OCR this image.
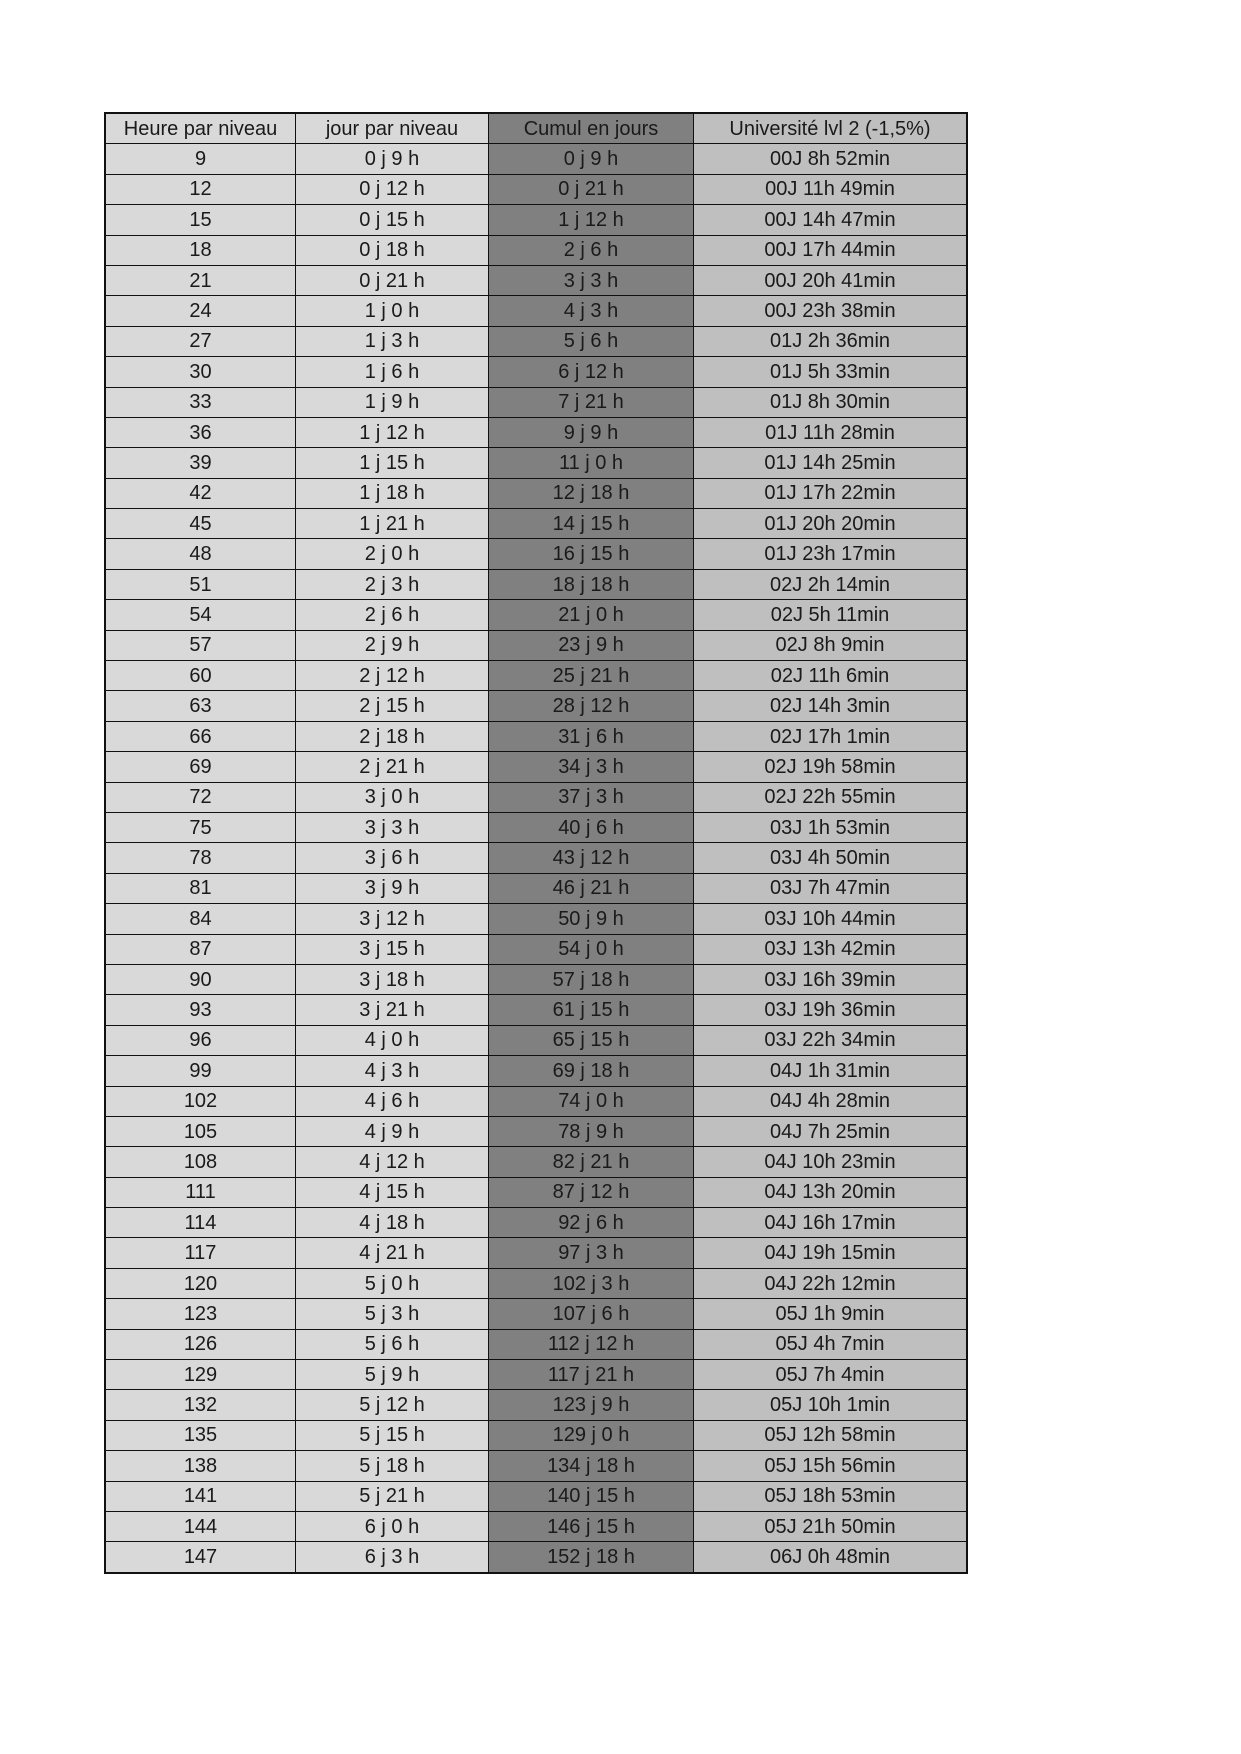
Heure par niveau	jour par niveau	Cumul en jours	Université lvl 2 (-1,5%)
9	0 j 9 h	0 j 9 h	00J 8h 52min
12	0 j 12 h	0 j 21 h	00J 11h 49min
15	0 j 15 h	1 j 12 h	00J 14h 47min
18	0 j 18 h	2 j 6 h	00J 17h 44min
21	0 j 21 h	3 j 3 h	00J 20h 41min
24	1 j 0 h	4 j 3 h	00J 23h 38min
27	1 j 3 h	5 j 6 h	01J 2h 36min
30	1 j 6 h	6 j 12 h	01J 5h 33min
33	1 j 9 h	7 j 21 h	01J 8h 30min
36	1 j 12 h	9 j 9 h	01J 11h 28min
39	1 j 15 h	11 j 0 h	01J 14h 25min
42	1 j 18 h	12 j 18 h	01J 17h 22min
45	1 j 21 h	14 j 15 h	01J 20h 20min
48	2 j 0 h	16 j 15 h	01J 23h 17min
51	2 j 3 h	18 j 18 h	02J 2h 14min
54	2 j 6 h	21 j 0 h	02J 5h 11min
57	2 j 9 h	23 j 9 h	02J 8h 9min
60	2 j 12 h	25 j 21 h	02J 11h 6min
63	2 j 15 h	28 j 12 h	02J 14h 3min
66	2 j 18 h	31 j 6 h	02J 17h 1min
69	2 j 21 h	34 j 3 h	02J 19h 58min
72	3 j 0 h	37 j 3 h	02J 22h 55min
75	3 j 3 h	40 j 6 h	03J 1h 53min
78	3 j 6 h	43 j 12 h	03J 4h 50min
81	3 j 9 h	46 j 21 h	03J 7h 47min
84	3 j 12 h	50 j 9 h	03J 10h 44min
87	3 j 15 h	54 j 0 h	03J 13h 42min
90	3 j 18 h	57 j 18 h	03J 16h 39min
93	3 j 21 h	61 j 15 h	03J 19h 36min
96	4 j 0 h	65 j 15 h	03J 22h 34min
99	4 j 3 h	69 j 18 h	04J 1h 31min
102	4 j 6 h	74 j 0 h	04J 4h 28min
105	4 j 9 h	78 j 9 h	04J 7h 25min
108	4 j 12 h	82 j 21 h	04J 10h 23min
111	4 j 15 h	87 j 12 h	04J 13h 20min
114	4 j 18 h	92 j 6 h	04J 16h 17min
117	4 j 21 h	97 j 3 h	04J 19h 15min
120	5 j 0 h	102 j 3 h	04J 22h 12min
123	5 j 3 h	107 j 6 h	05J 1h 9min
126	5 j 6 h	112 j 12 h	05J 4h 7min
129	5 j 9 h	117 j 21 h	05J 7h 4min
132	5 j 12 h	123 j 9 h	05J 10h 1min
135	5 j 15 h	129 j 0 h	05J 12h 58min
138	5 j 18 h	134 j 18 h	05J 15h 56min
141	5 j 21 h	140 j 15 h	05J 18h 53min
144	6 j 0 h	146 j 15 h	05J 21h 50min
147	6 j 3 h	152 j 18 h	06J 0h 48min
